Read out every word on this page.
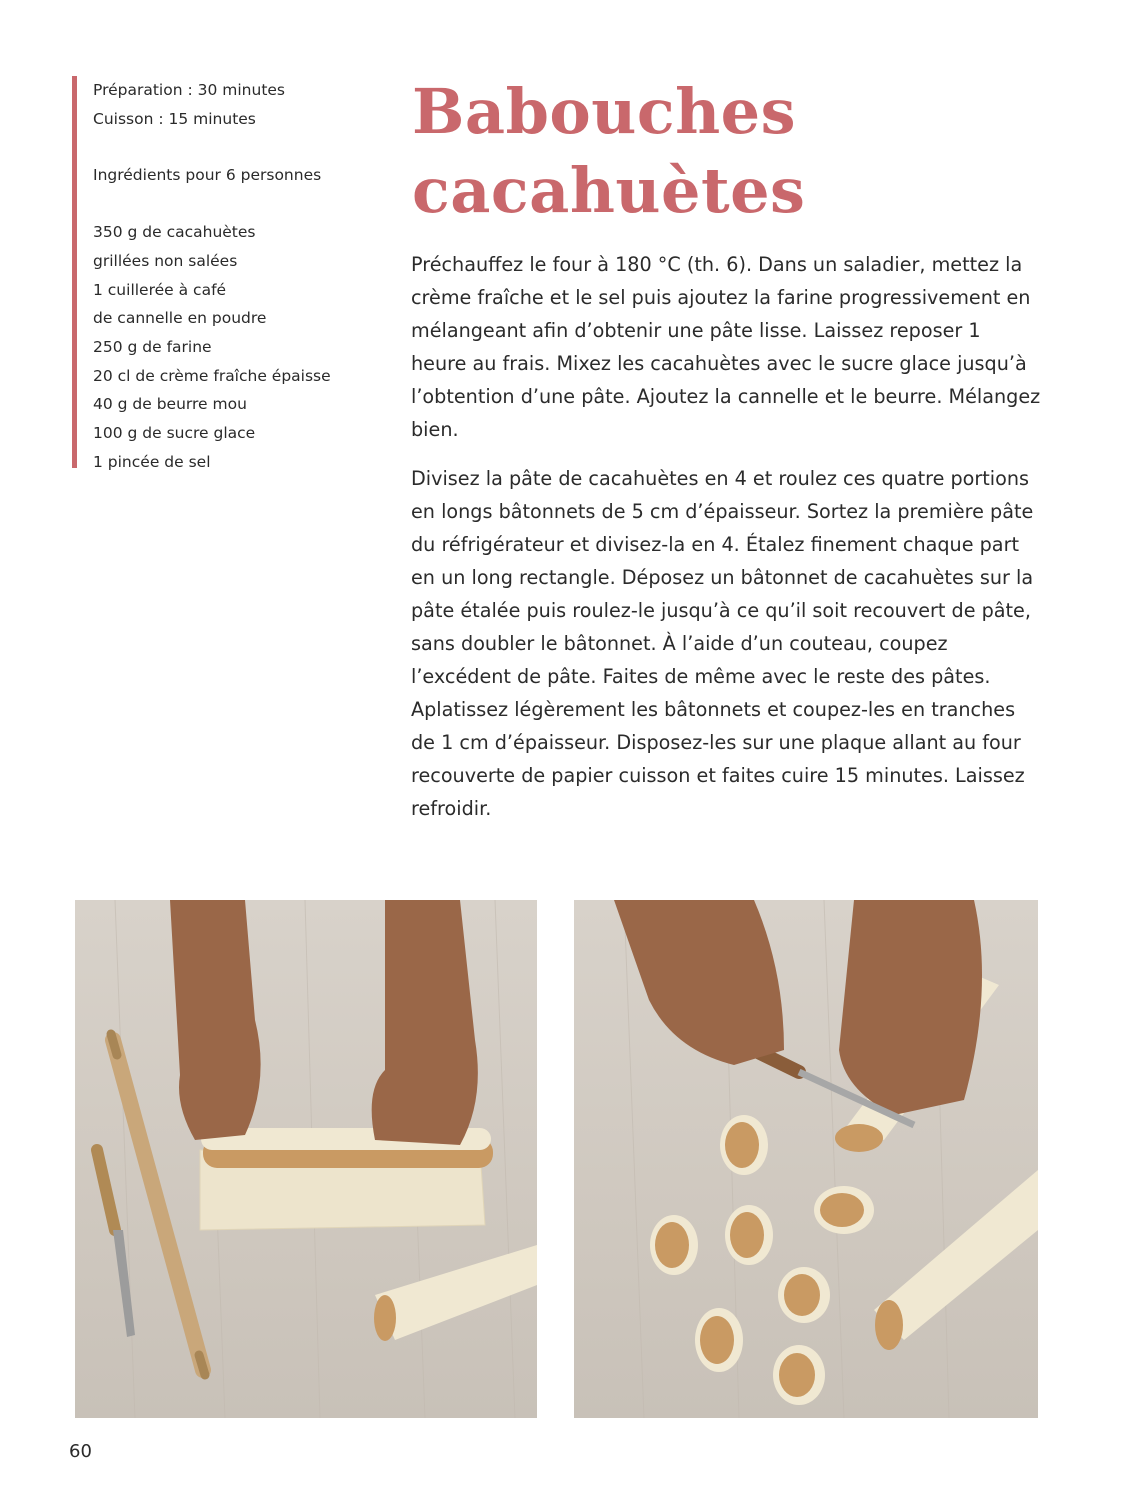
Préparation : 30 minutes

Cuisson : 15 minutes

Ingrédients pour 6 personnes

350 g de cacahuètes

grillées non salées

1 cuillerée à café

de cannelle en poudre

250 g de farine

20 cl de crème fraîche épaisse

40 g de beurre mou

100 g de sucre glace

1 pincée de sel

Babouches
cacahuètes

Préchauffez le four à 180 °C (th. 6). Dans un saladier, mettez la crème fraîche et le sel puis ajoutez la farine progressivement en mélangeant afin d’obtenir une pâte lisse. Laissez reposer 1 heure au frais. Mixez les cacahuètes avec le sucre glace jusqu’à l’obtention d’une pâte. Ajoutez la cannelle et le beurre. Mélangez bien.

Divisez la pâte de cacahuètes en 4 et roulez ces quatre portions en longs bâtonnets de 5 cm d’épaisseur. Sortez la première pâte du réfrigérateur et divisez-la en 4. Étalez finement chaque part en un long rectangle. Déposez un bâtonnet de cacahuètes sur la pâte étalée puis roulez-le jusqu’à ce qu’il soit recouvert de pâte, sans doubler le bâtonnet. À l’aide d’un couteau, coupez l’excédent de pâte. Faites de même avec le reste des pâtes. Aplatissez légèrement les bâtonnets et coupez-les en tranches de 1 cm d’épaisseur. Disposez-les sur une plaque allant au four recouverte de papier cuisson et faites cuire 15 minutes. Laissez refroidir.

60
